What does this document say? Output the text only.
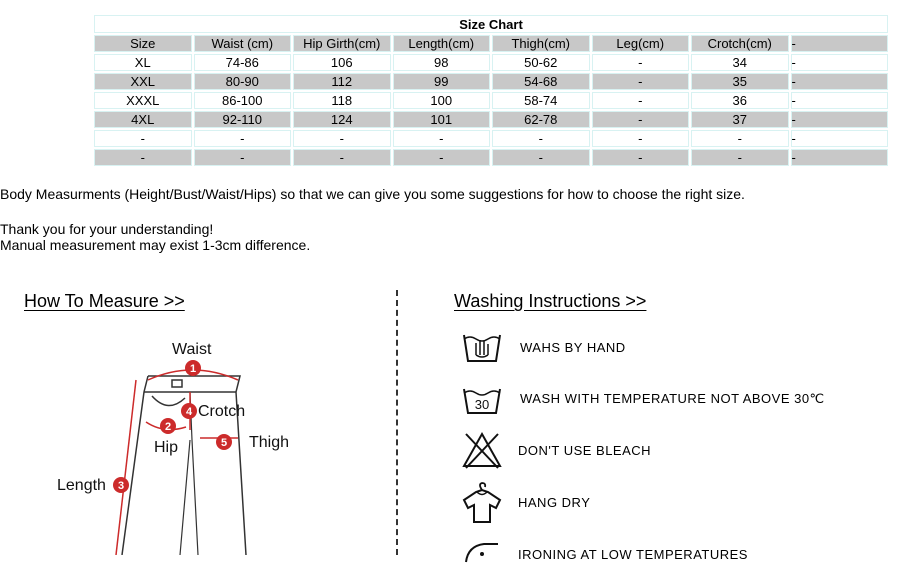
Size Chart							
Size	Waist (cm)	Hip Girth(cm)	Length(cm)	Thigh(cm)	Leg(cm)	Crotch(cm)	-
XL	74-86	106	98	50-62	-	34	-
XXL	80-90	112	99	54-68	-	35	-
XXXL	86-100	118	100	58-74	-	36	-
4XL	92-110	124	101	62-78	-	37	-
-	-	-	-	-	-	-	-
-	-	-	-	-	-	-	-
Body Measurments (Height/Bust/Waist/Hips) so that we can give you some suggestions for how to choose the right size.
Thank you for your understanding!
Manual measurement may exist 1-3cm difference.
How To Measure >>	Washing Instructions >>
Waist
Crotch
Hip	Thigh
Length
1
4
2
5
3
WAHS BY HAND
30 WASH WITH TEMPERATURE NOT ABOVE 30℃
DON'T USE BLEACH
HANG DRY
IRONING AT LOW TEMPERATURES
